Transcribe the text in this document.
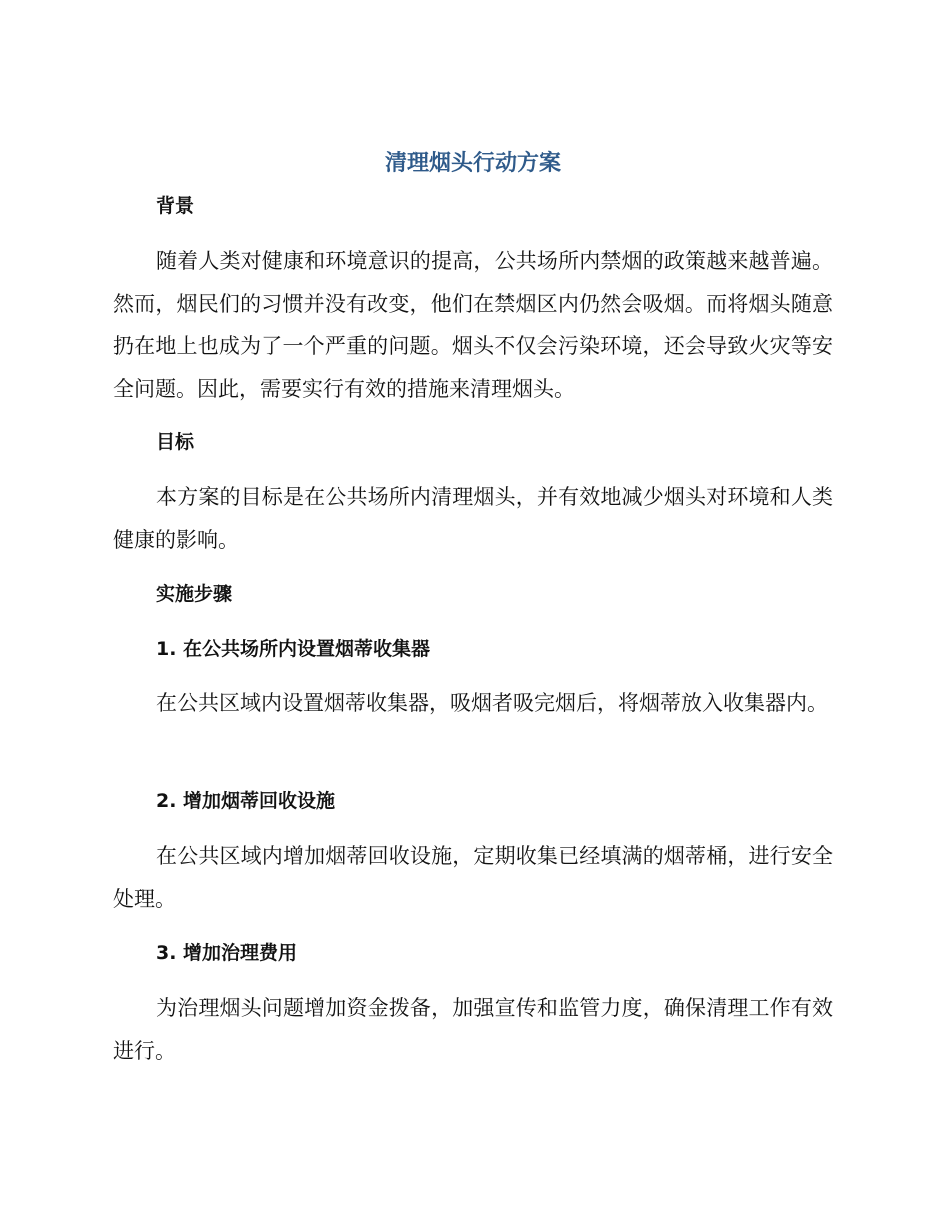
清理烟头行动方案
背景

随着人类对健康和环境意识的提高，公共场所内禁烟的政策越来越普遍。然而，烟民们的习惯并没有改变，他们在禁烟区内仍然会吸烟。而将烟头随意扔在地上也成为了一个严重的问题。烟头不仅会污染环境，还会导致火灾等安全问题。因此，需要实行有效的措施来清理烟头。

目标

本方案的目标是在公共场所内清理烟头，并有效地减少烟头对环境和人类健康的影响。

实施步骤
1. 在公共场所内设置烟蒂收集器

在公共区域内设置烟蒂收集器，吸烟者吸完烟后，将烟蒂放入收集器内。

2. 增加烟蒂回收设施

在公共区域内增加烟蒂回收设施，定期收集已经填满的烟蒂桶，进行安全处理。

3. 增加治理费用

为治理烟头问题增加资金拨备，加强宣传和监管力度，确保清理工作有效进行。
